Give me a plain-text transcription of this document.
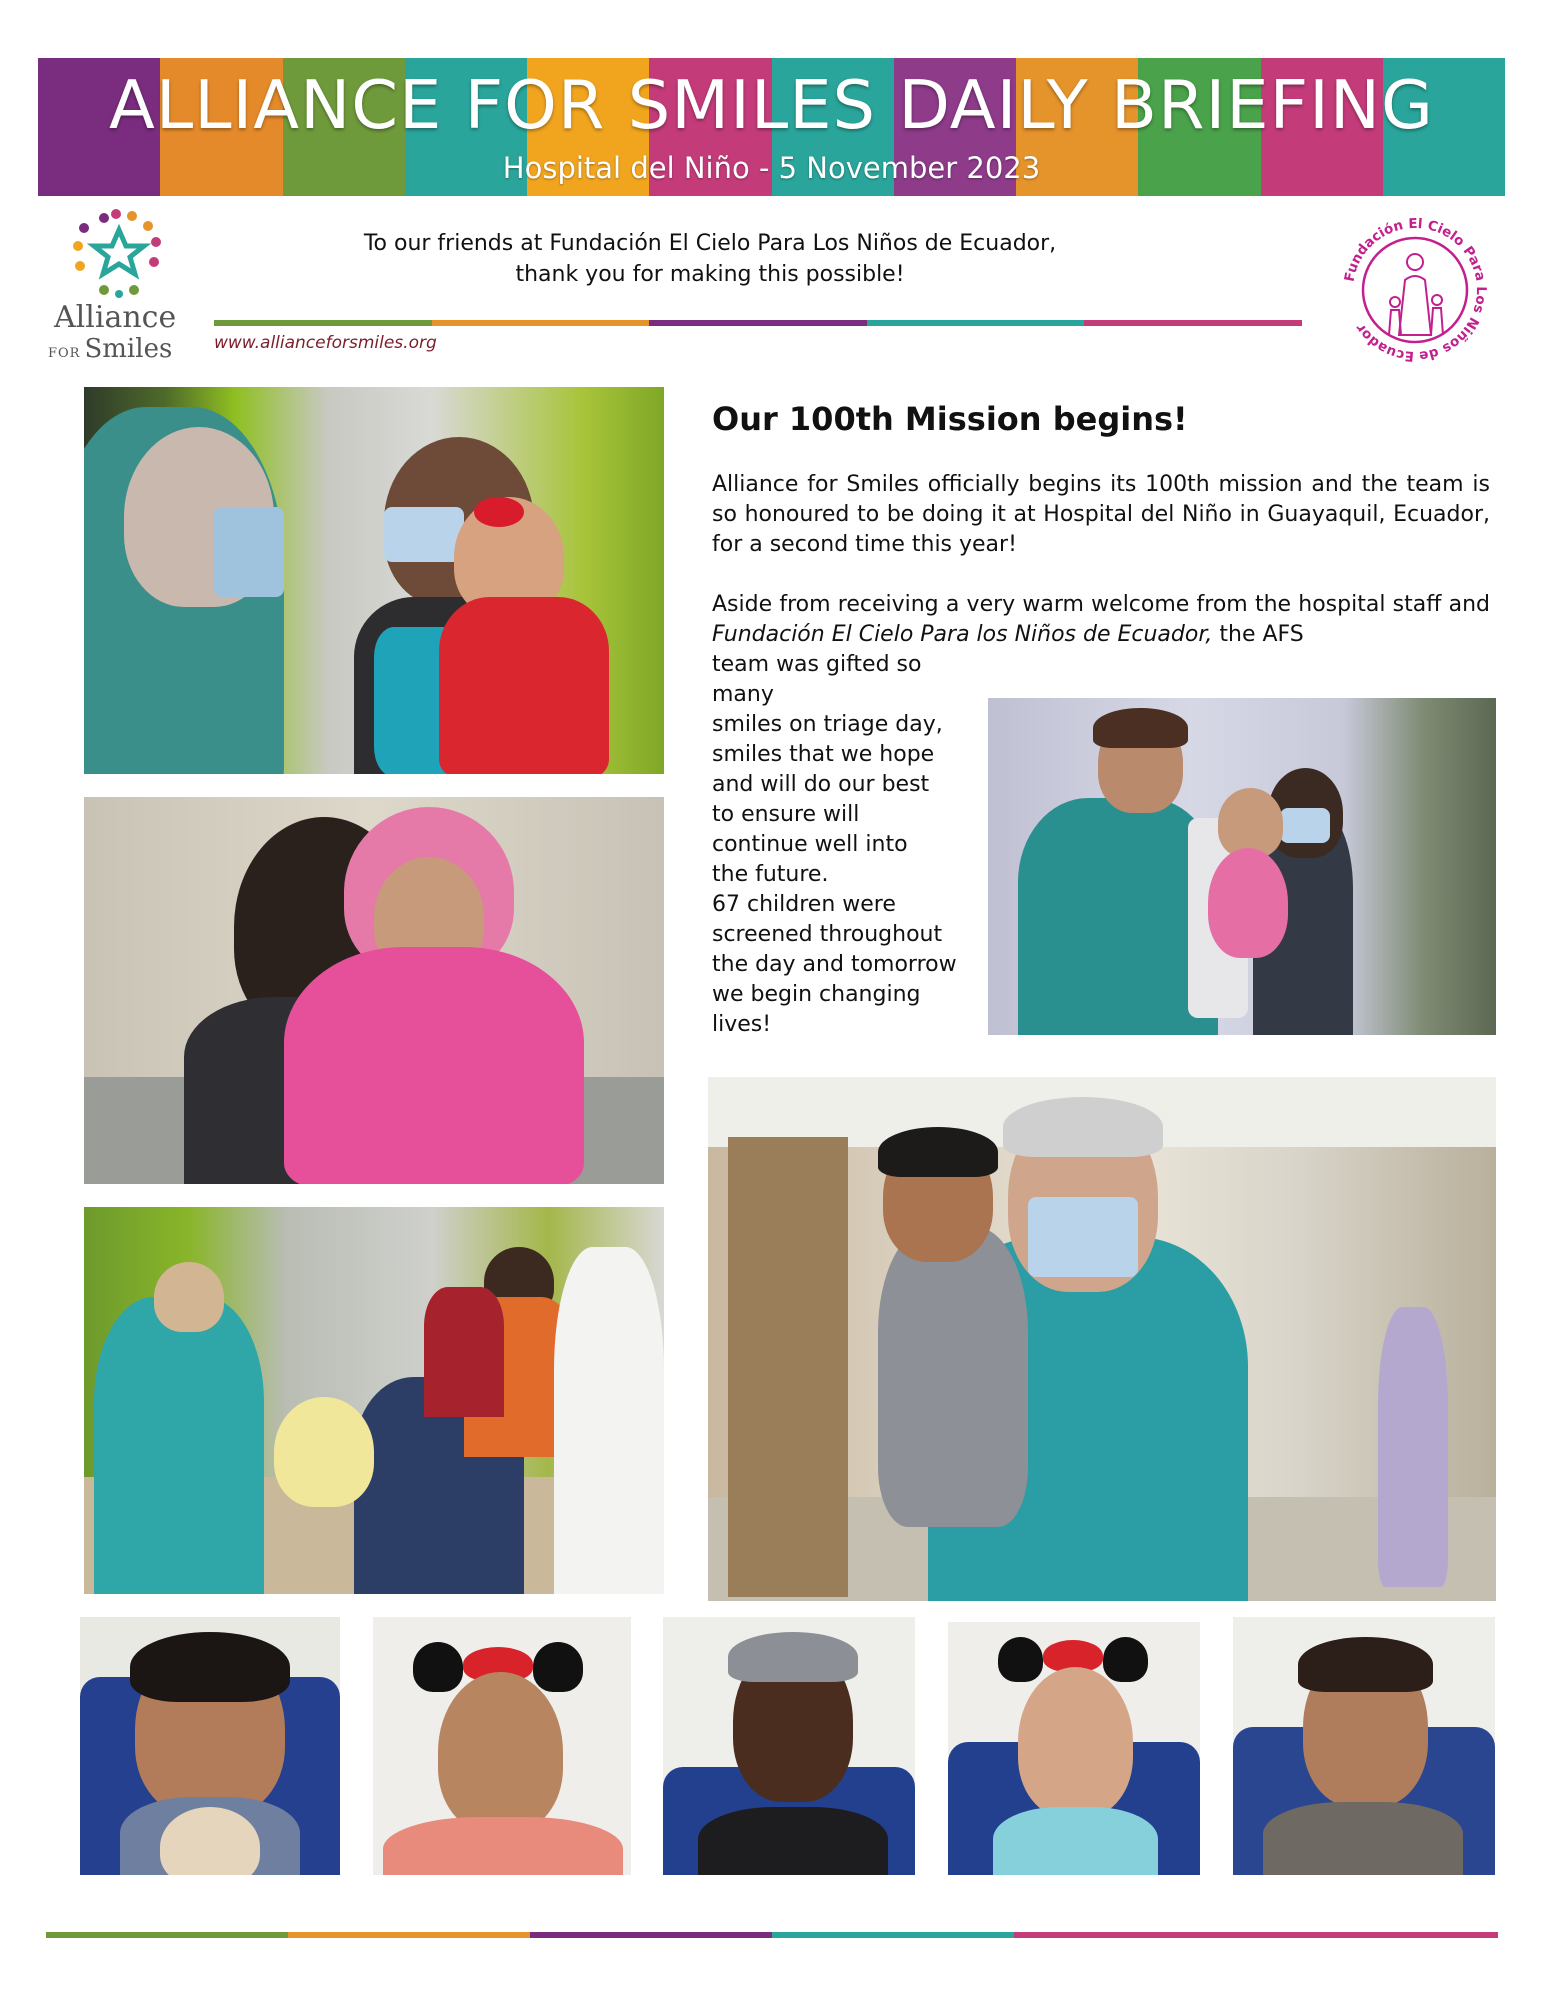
ALLIANCE FOR SMILES DAILY BRIEFING
Hospital del Niño - 5 November 2023
Alliance
FOR Smiles
To our friends at Fundación El Cielo Para Los Niños de Ecuador,
thank you for making this possible!
www.allianceforsmiles.org
Fundación El Cielo Para Los Niños de Ecuador
Our 100th Mission begins!
Alliance for Smiles officially begins its 100th mission and the team is so honoured to be doing it at Hospital del Niño in Guayaquil, Ecuador, for a second time this year!
Aside from receiving a very warm welcome from the hospital staff and Fundación El Cielo Para los Niños de Ecuador, the AFS
team was gifted so many
smiles on triage day,
smiles that we hope
and will do our best
to ensure will
continue well into
the future.
67 children were
screened throughout
the day and tomorrow
we begin changing
lives!
